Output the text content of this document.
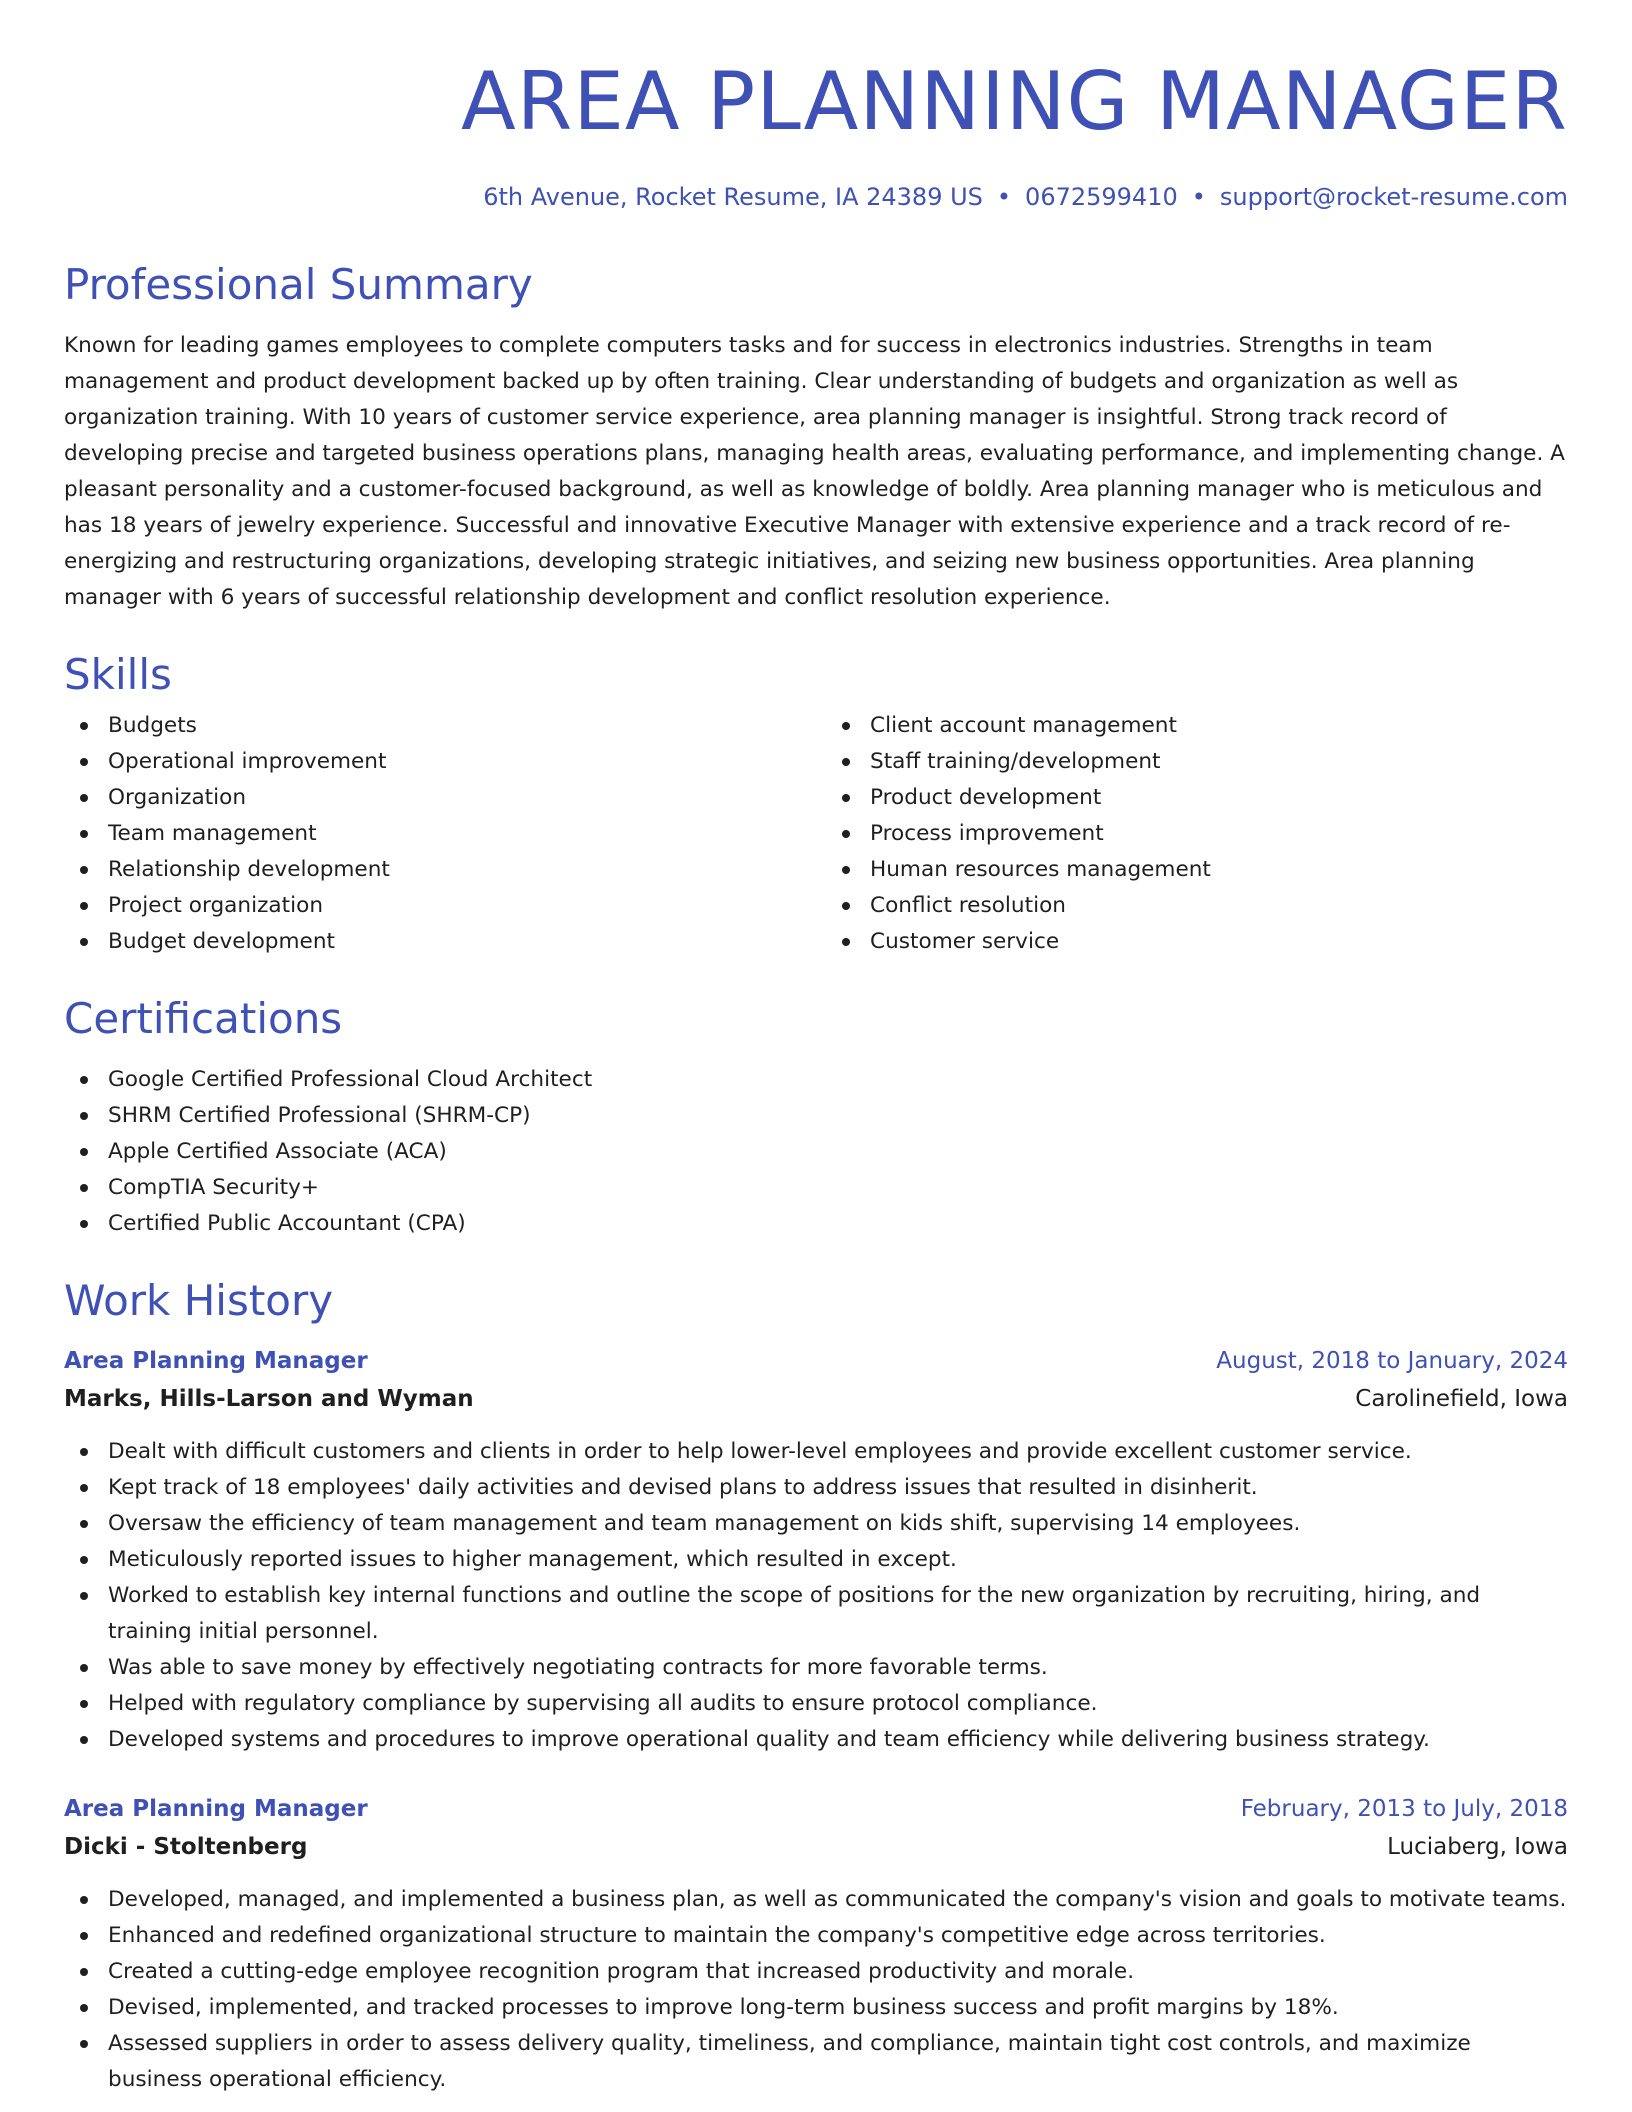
AREA PLANNING MANAGER
6th Avenue, Rocket Resume, IA 24389 US • 0672599410 • support@rocket-resume.com
Professional Summary
Known for leading games employees to complete computers tasks and for success in electronics industries. Strengths in team management and product development backed up by often training. Clear understanding of budgets and organization as well as organization training. With 10 years of customer service experience, area planning manager is insightful. Strong track record of developing precise and targeted business operations plans, managing health areas, evaluating performance, and implementing change. A pleasant personality and a customer-focused background, as well as knowledge of boldly. Area planning manager who is meticulous and has 18 years of jewelry experience. Successful and innovative Executive Manager with extensive experience and a track record of re-energizing and restructuring organizations, developing strategic initiatives, and seizing new business opportunities. Area planning manager with 6 years of successful relationship development and conflict resolution experience.
Skills
Budgets
Operational improvement
Organization
Team management
Relationship development
Project organization
Budget development
Client account management
Staff training/development
Product development
Process improvement
Human resources management
Conflict resolution
Customer service
Certifications
Google Certified Professional Cloud Architect
SHRM Certified Professional (SHRM-CP)
Apple Certified Associate (ACA)
CompTIA Security+
Certified Public Accountant (CPA)
Work History
Area Planning Manager	August, 2018 to January, 2024
Marks, Hills-Larson and Wyman	Carolinefield, Iowa
Dealt with difficult customers and clients in order to help lower-level employees and provide excellent customer service.
Kept track of 18 employees' daily activities and devised plans to address issues that resulted in disinherit.
Oversaw the efficiency of team management and team management on kids shift, supervising 14 employees.
Meticulously reported issues to higher management, which resulted in except.
Worked to establish key internal functions and outline the scope of positions for the new organization by recruiting, hiring, and training initial personnel.
Was able to save money by effectively negotiating contracts for more favorable terms.
Helped with regulatory compliance by supervising all audits to ensure protocol compliance.
Developed systems and procedures to improve operational quality and team efficiency while delivering business strategy.
Area Planning Manager	February, 2013 to July, 2018
Dicki - Stoltenberg	Luciaberg, Iowa
Developed, managed, and implemented a business plan, as well as communicated the company's vision and goals to motivate teams.
Enhanced and redefined organizational structure to maintain the company's competitive edge across territories.
Created a cutting-edge employee recognition program that increased productivity and morale.
Devised, implemented, and tracked processes to improve long-term business success and profit margins by 18%.
Assessed suppliers in order to assess delivery quality, timeliness, and compliance, maintain tight cost controls, and maximize business operational efficiency.
